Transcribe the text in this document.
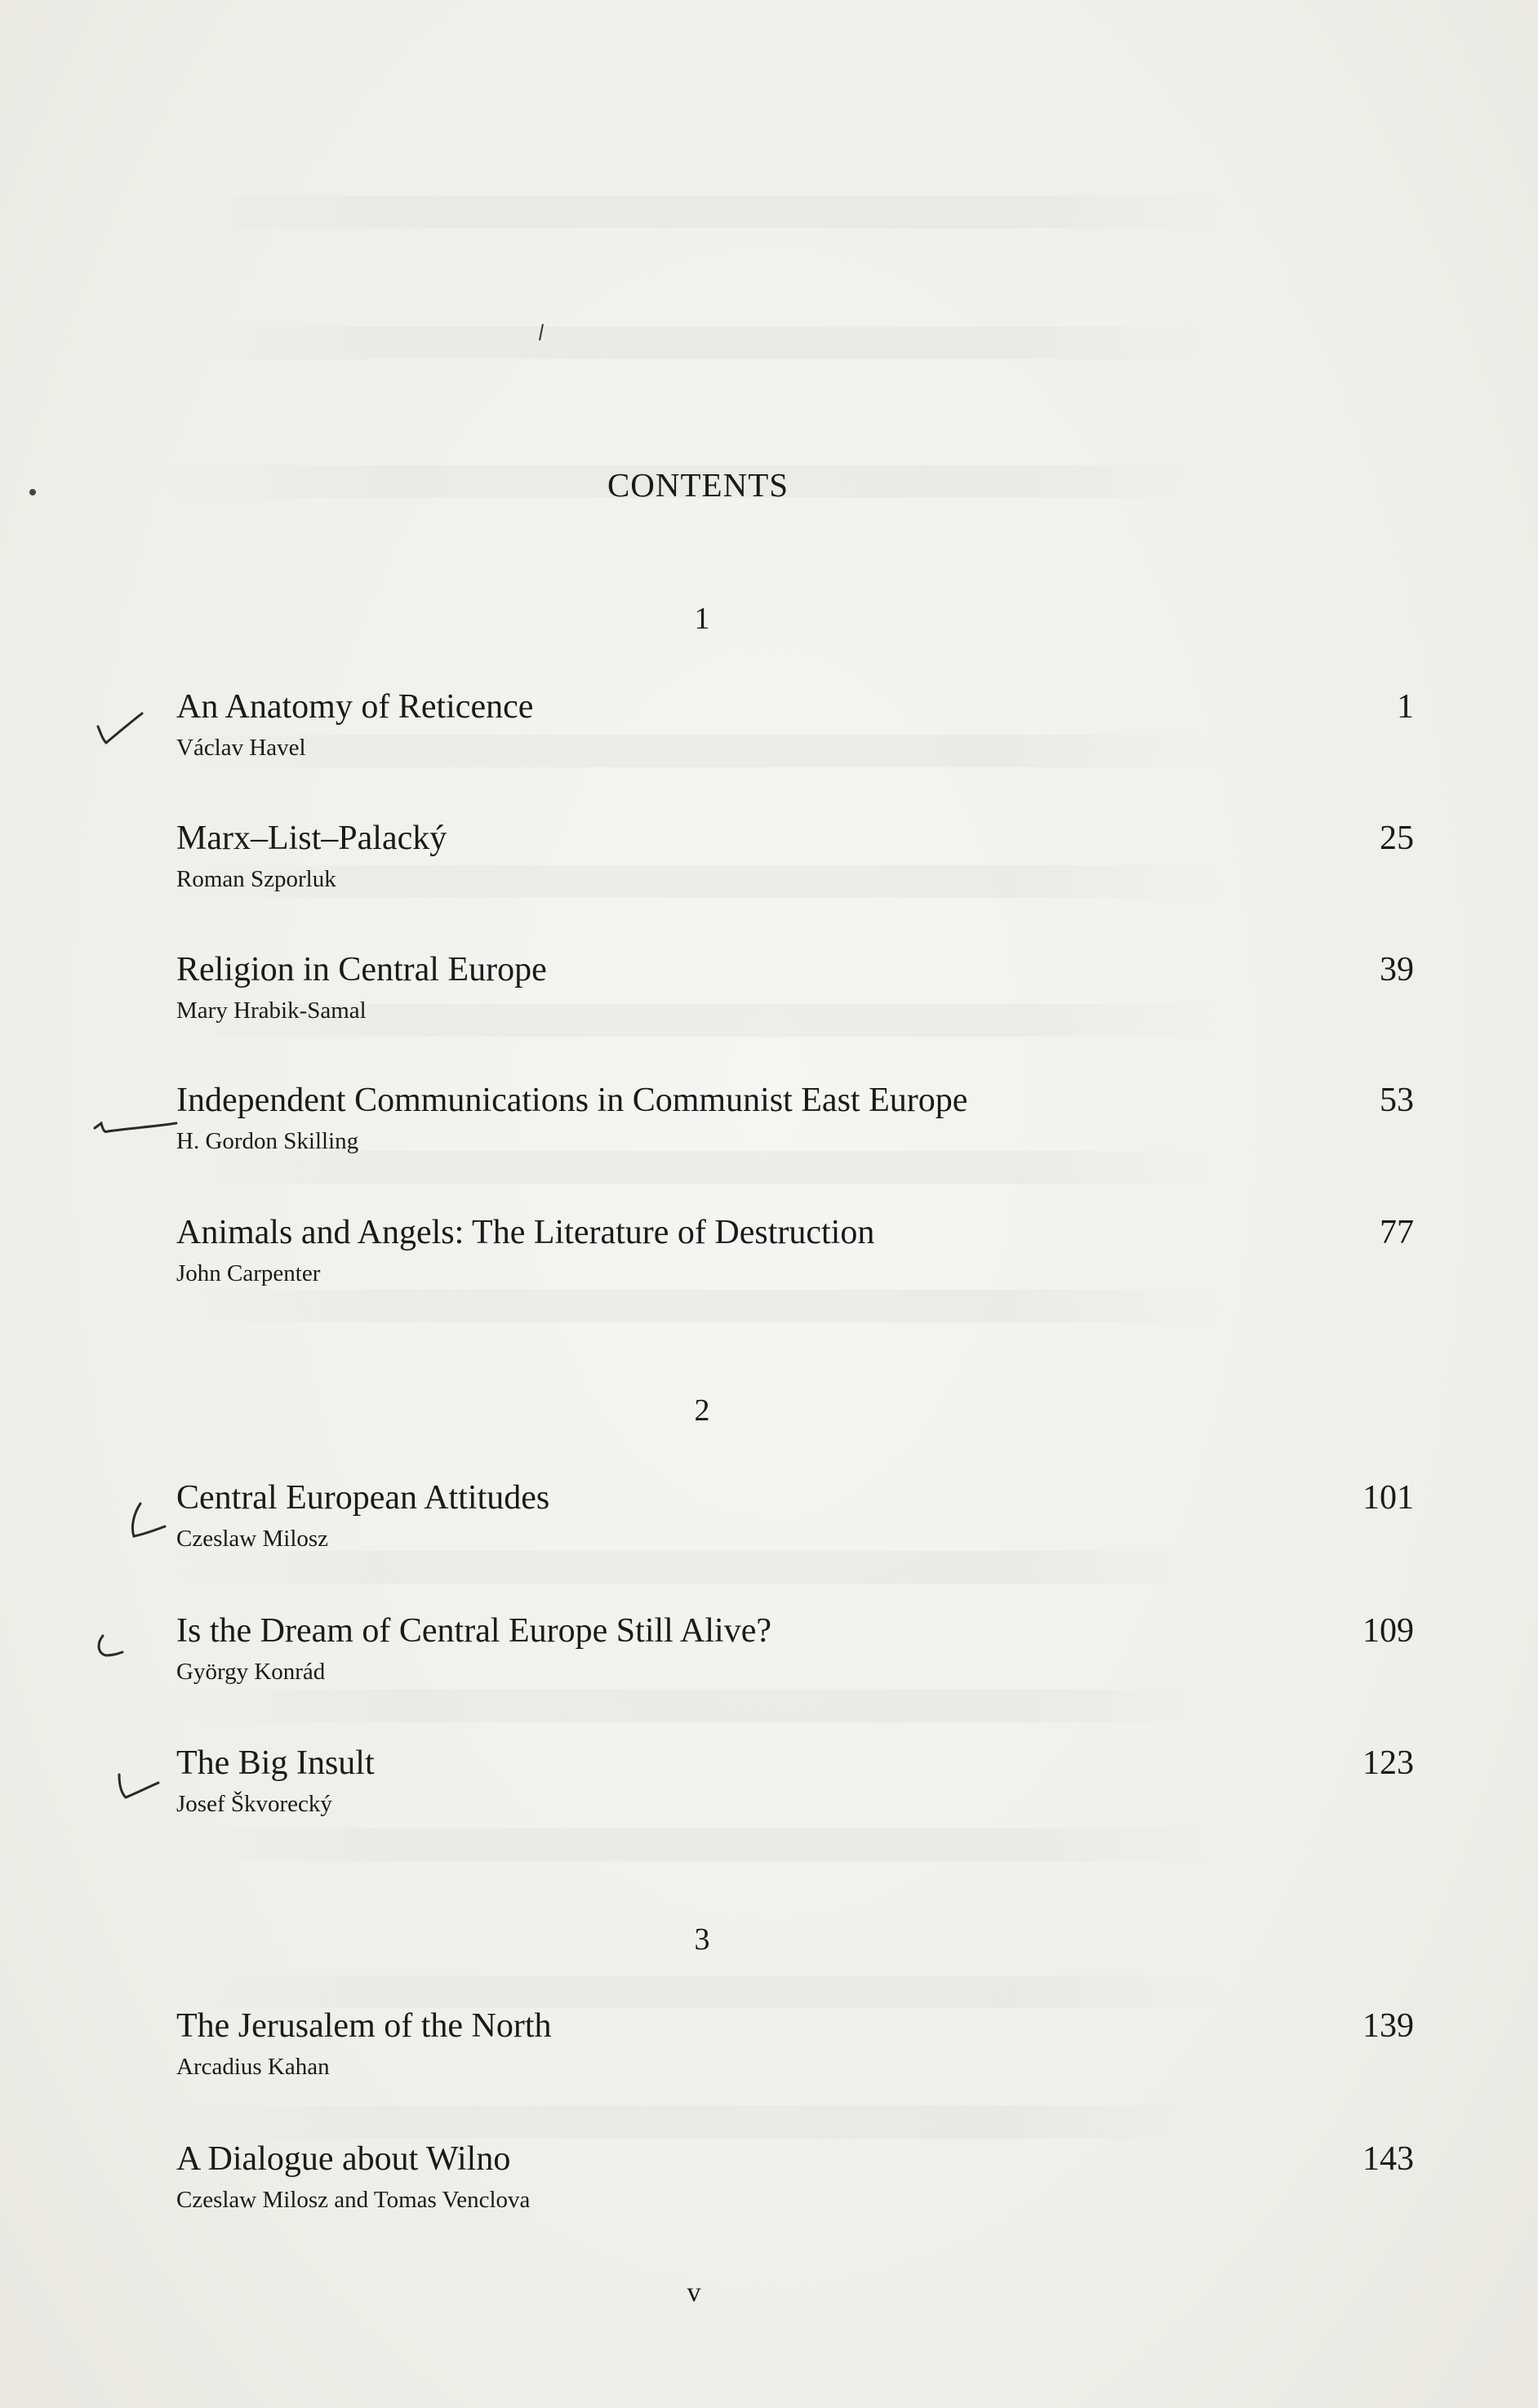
CONTENTS
1
An Anatomy of Reticence
Václav Havel
1
Marx–List–Palacký
Roman Szporluk
25
Religion in Central Europe
Mary Hrabik-Samal
39
Independent Communications in Communist East Europe
H. Gordon Skilling
53
Animals and Angels: The Literature of Destruction
John Carpenter
77
2
Central European Attitudes
Czeslaw Milosz
101
Is the Dream of Central Europe Still Alive?
György Konrád
109
The Big Insult
Josef Škvorecký
123
3
The Jerusalem of the North
Arcadius Kahan
139
A Dialogue about Wilno
Czeslaw Milosz and Tomas Venclova
143
v
